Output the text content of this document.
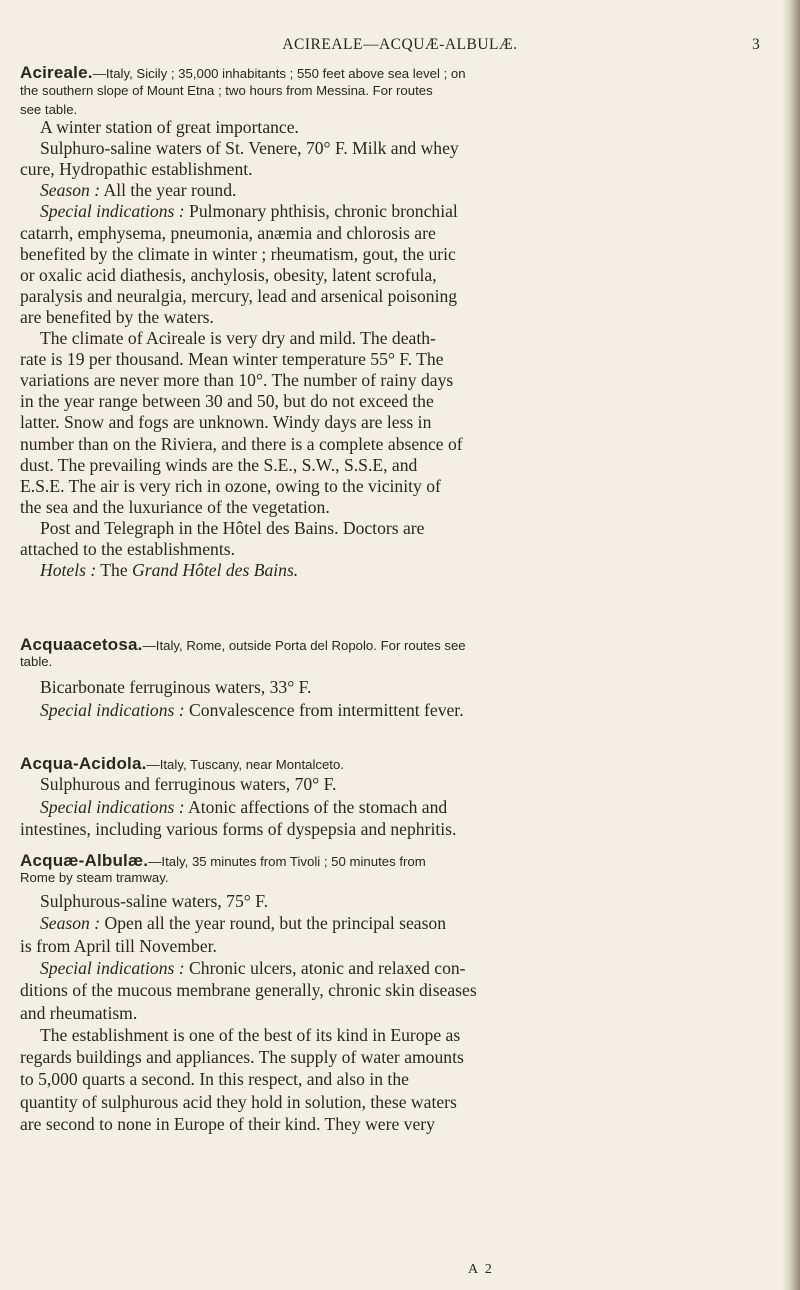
ACIREALE—ACQUÆ-ALBULÆ.	3
Acireale.—Italy, Sicily ; 35,000 inhabitants ; 550 feet above sea level ; on
the southern slope of Mount Etna ; two hours from Messina. For routes
see table.
A winter station of great importance.
Sulphuro-saline waters of St. Venere, 70° F. Milk and whey
cure, Hydropathic establishment.
Season : All the year round.
Special indications : Pulmonary phthisis, chronic bronchial
catarrh, emphysema, pneumonia, anæmia and chlorosis are
benefited by the climate in winter ; rheumatism, gout, the uric
or oxalic acid diathesis, anchylosis, obesity, latent scrofula,
paralysis and neuralgia, mercury, lead and arsenical poisoning
are benefited by the waters.
The climate of Acireale is very dry and mild. The death-
rate is 19 per thousand. Mean winter temperature 55° F. The
variations are never more than 10°. The number of rainy days
in the year range between 30 and 50, but do not exceed the
latter. Snow and fogs are unknown. Windy days are less in
number than on the Riviera, and there is a complete absence of
dust. The prevailing winds are the S.E., S.W., S.S.E, and
E.S.E. The air is very rich in ozone, owing to the vicinity of
the sea and the luxuriance of the vegetation.
Post and Telegraph in the Hôtel des Bains. Doctors are
attached to the establishments.
Hotels : The Grand Hôtel des Bains.
Acquaacetosa.—Italy, Rome, outside Porta del Ropolo. For routes see
table.
Bicarbonate ferruginous waters, 33° F.
Special indications : Convalescence from intermittent fever.
Acqua-Acidola.—Italy, Tuscany, near Montalceto.
Sulphurous and ferruginous waters, 70° F.
Special indications : Atonic affections of the stomach and
intestines, including various forms of dyspepsia and nephritis.
Acquæ-Albulæ.—Italy, 35 minutes from Tivoli ; 50 minutes from
Rome by steam tramway.
Sulphurous-saline waters, 75° F.
Season : Open all the year round, but the principal season
is from April till November.
Special indications : Chronic ulcers, atonic and relaxed con-
ditions of the mucous membrane generally, chronic skin diseases
and rheumatism.
The establishment is one of the best of its kind in Europe as
regards buildings and appliances. The supply of water amounts
to 5,000 quarts a second. In this respect, and also in the
quantity of sulphurous acid they hold in solution, these waters
are second to none in Europe of their kind. They were very
A 2
